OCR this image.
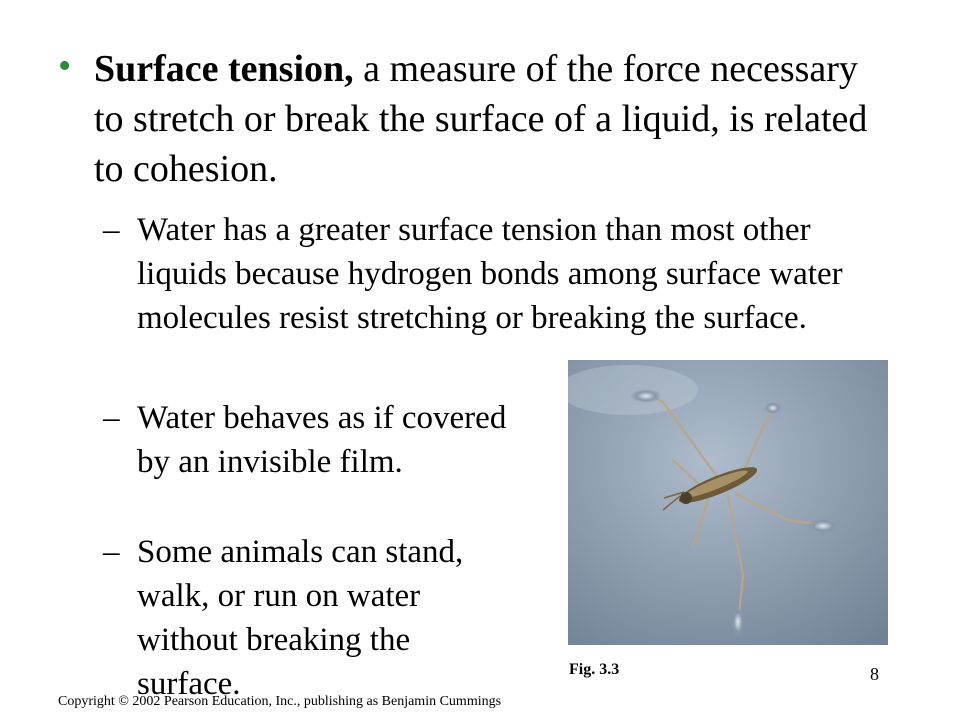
• Surface tension, a measure of the force necessary to stretch or break the surface of a liquid, is related to cohesion.
– Water has a greater surface tension than most other liquids because hydrogen bonds among surface water molecules resist stretching or breaking the surface.
– Water behaves as if covered by an invisible film.
– Some animals can stand, walk, or run on water without breaking the surface.	Fig. 3.3	8
Copyright © 2002 Pearson Education, Inc., publishing as Benjamin Cummings
